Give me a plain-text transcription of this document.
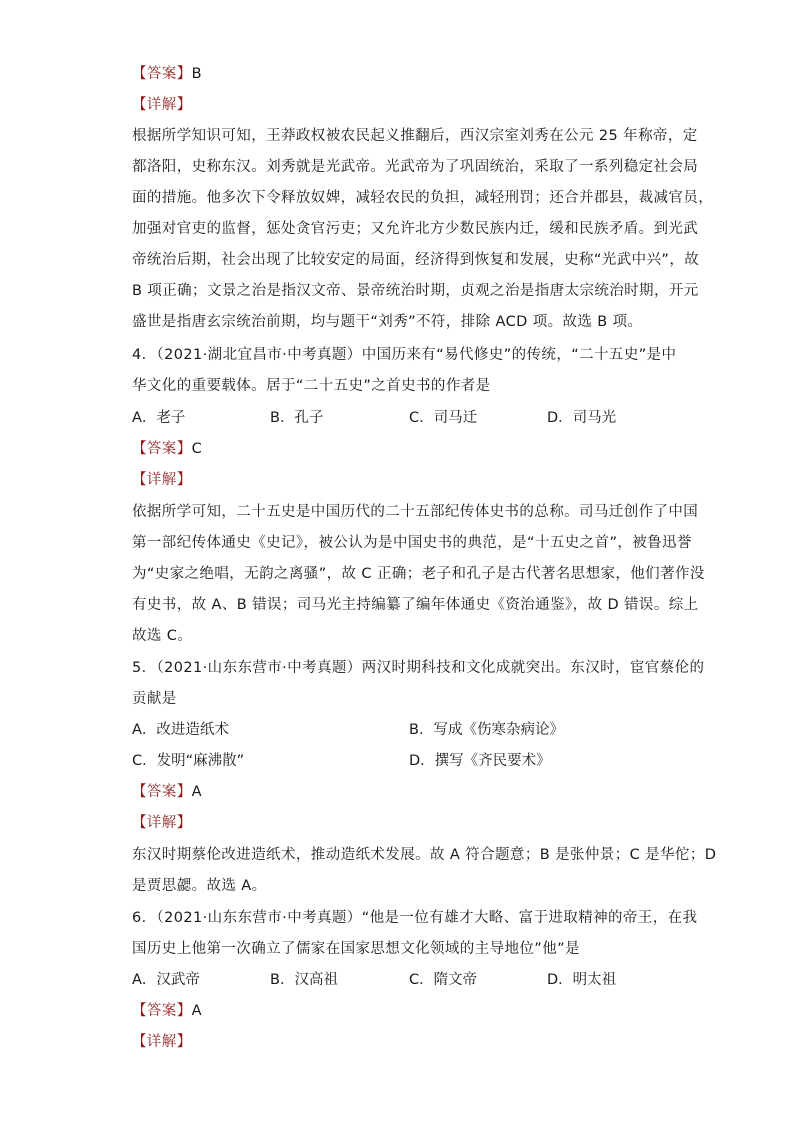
【答案】B
【详解】
根据所学知识可知，王莽政权被农民起义推翻后，西汉宗室刘秀在公元 25 年称帝，定
都洛阳，史称东汉。刘秀就是光武帝。光武帝为了巩固统治，采取了一系列稳定社会局
面的措施。他多次下令释放奴婢，减轻农民的负担，减轻刑罚；还合并郡县，裁减官员，
加强对官吏的监督，惩处贪官污吏；又允许北方少数民族内迁，缓和民族矛盾。到光武
帝统治后期，社会出现了比较安定的局面，经济得到恢复和发展，史称“光武中兴”，故
B 项正确；文景之治是指汉文帝、景帝统治时期，贞观之治是指唐太宗统治时期，开元
盛世是指唐玄宗统治前期，均与题干“刘秀”不符，排除 ACD 项。故选 B 项。
4．（2021·湖北宜昌市·中考真题）中国历来有“易代修史”的传统，“二十五史”是中
华文化的重要载体。居于“二十五史”之首史书的作者是
A．老子	B．孔子	C．司马迁	D．司马光
【答案】C
【详解】
依据所学可知，二十五史是中国历代的二十五部纪传体史书的总称。司马迁创作了中国
第一部纪传体通史《史记》，被公认为是中国史书的典范，是“十五史之首”，被鲁迅誉
为“史家之绝唱，无韵之离骚”，故 C 正确；老子和孔子是古代著名思想家，他们著作没
有史书，故 A、B 错误；司马光主持编纂了编年体通史《资治通鉴》，故 D 错误。综上
故选 C。
5．（2021·山东东营市·中考真题）两汉时期科技和文化成就突出。东汉时，宦官蔡伦的
贡献是
A．改进造纸术	B．写成《伤寒杂病论》
C．发明“麻沸散”	D．撰写《齐民要术》
【答案】A
【详解】
东汉时期蔡伦改进造纸术，推动造纸术发展。故 A 符合题意；B 是张仲景；C 是华佗；D
是贾思勰。故选 A。
6．（2021·山东东营市·中考真题）“他是一位有雄才大略、富于进取精神的帝王，在我
国历史上他第一次确立了儒家在国家思想文化领域的主导地位”他”是
A．汉武帝	B．汉高祖	C．隋文帝	D．明太祖
【答案】A
【详解】
